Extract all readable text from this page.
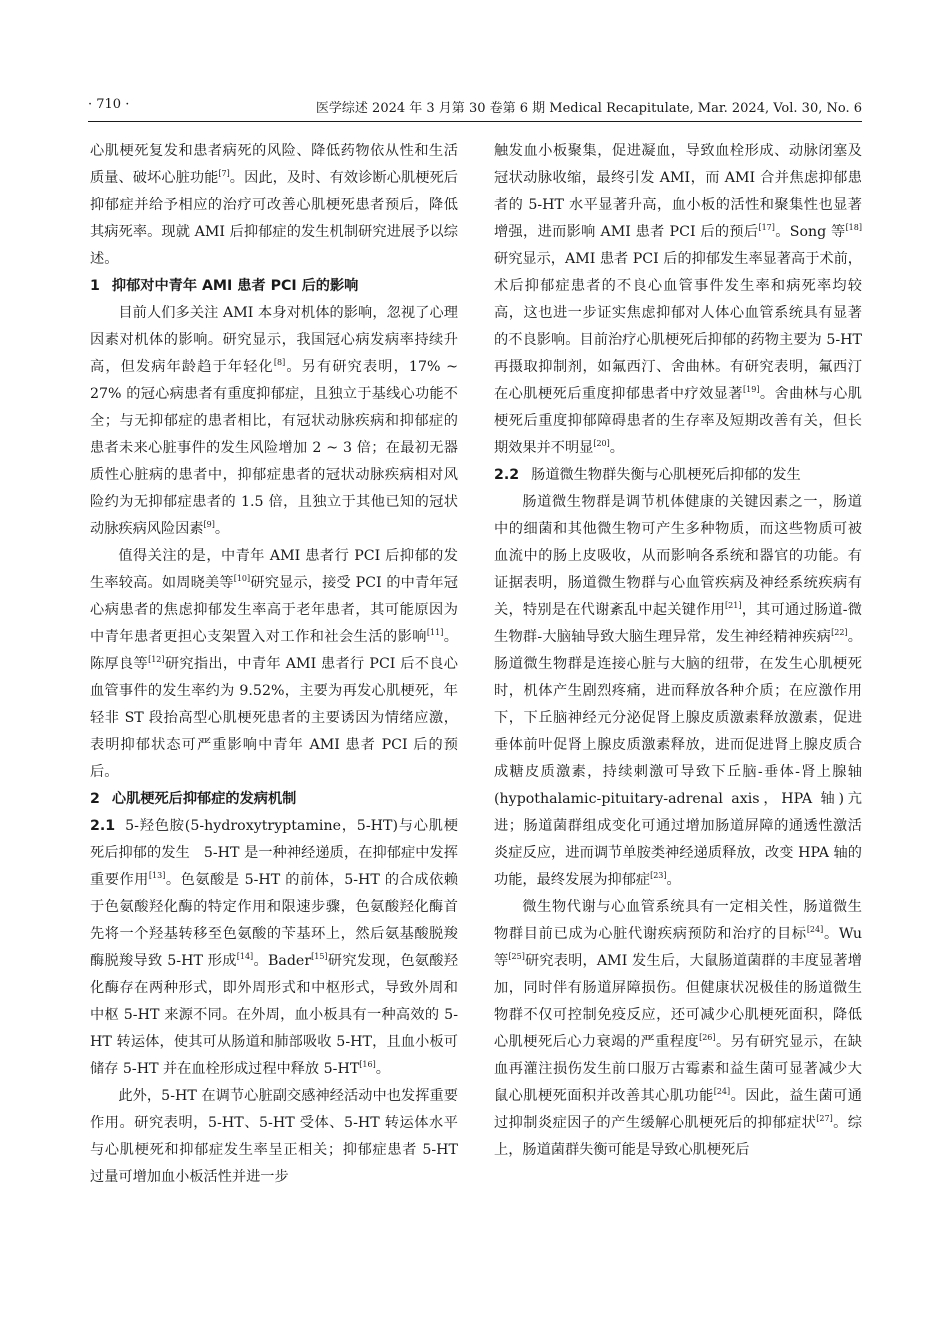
· 710 ·	医学综述 2024 年 3 月第 30 卷第 6 期 Medical Recapitulate, Mar. 2024, Vol. 30, No. 6

心肌梗死复发和患者病死的风险、降低药物依从性和生活质量、破坏心脏功能[7]。因此，及时、有效诊断心肌梗死后抑郁症并给予相应的治疗可改善心肌梗死患者预后，降低其病死率。现就 AMI 后抑郁症的发生机制研究进展予以综述。

1 抑郁对中青年 AMI 患者 PCI 后的影响

目前人们多关注 AMI 本身对机体的影响，忽视了心理因素对机体的影响。研究显示，我国冠心病发病率持续升高，但发病年龄趋于年轻化[8]。另有研究表明，17% ~ 27% 的冠心病患者有重度抑郁症，且独立于基线心功能不全；与无抑郁症的患者相比，有冠状动脉疾病和抑郁症的患者未来心脏事件的发生风险增加 2 ~ 3 倍；在最初无器质性心脏病的患者中，抑郁症患者的冠状动脉疾病相对风险约为无抑郁症患者的 1.5 倍，且独立于其他已知的冠状动脉疾病风险因素[9]。

值得关注的是，中青年 AMI 患者行 PCI 后抑郁的发生率较高。如周晓美等[10]研究显示，接受 PCI 的中青年冠心病患者的焦虑抑郁发生率高于老年患者，其可能原因为中青年患者更担心支架置入对工作和社会生活的影响[11]。陈厚良等[12]研究指出，中青年 AMI 患者行 PCI 后不良心血管事件的发生率约为 9.52%，主要为再发心肌梗死，年轻非 ST 段抬高型心肌梗死患者的主要诱因为情绪应激，表明抑郁状态可严重影响中青年 AMI 患者 PCI 后的预后。

2 心肌梗死后抑郁症的发病机制

2.1 5-羟色胺(5-hydroxytryptamine，5-HT)与心肌梗死后抑郁的发生 5-HT 是一种神经递质，在抑郁症中发挥重要作用[13]。色氨酸是 5-HT 的前体，5-HT 的合成依赖于色氨酸羟化酶的特定作用和限速步骤，色氨酸羟化酶首先将一个羟基转移至色氨酸的苄基环上，然后氨基酸脱羧酶脱羧导致 5-HT 形成[14]。Bader[15]研究发现，色氨酸羟化酶存在两种形式，即外周形式和中枢形式，导致外周和中枢 5-HT 来源不同。在外周，血小板具有一种高效的 5-HT 转运体，使其可从肠道和肺部吸收 5-HT，且血小板可储存 5-HT 并在血栓形成过程中释放 5-HT[16]。

此外，5-HT 在调节心脏副交感神经活动中也发挥重要作用。研究表明，5-HT、5-HT 受体、5-HT 转运体水平与心肌梗死和抑郁症发生率呈正相关；抑郁症患者 5-HT 过量可增加血小板活性并进一步

触发血小板聚集，促进凝血，导致血栓形成、动脉闭塞及冠状动脉收缩，最终引发 AMI，而 AMI 合并焦虑抑郁患者的 5-HT 水平显著升高，血小板的活性和聚集性也显著增强，进而影响 AMI 患者 PCI 后的预后[17]。Song 等[18]研究显示，AMI 患者 PCI 后的抑郁发生率显著高于术前，术后抑郁症患者的不良心血管事件发生率和病死率均较高，这也进一步证实焦虑抑郁对人体心血管系统具有显著的不良影响。目前治疗心肌梗死后抑郁的药物主要为 5-HT 再摄取抑制剂，如氟西汀、舍曲林。有研究表明，氟西汀在心肌梗死后重度抑郁患者中疗效显著[19]。舍曲林与心肌梗死后重度抑郁障碍患者的生存率及短期改善有关，但长期效果并不明显[20]。

2.2 肠道微生物群失衡与心肌梗死后抑郁的发生

肠道微生物群是调节机体健康的关键因素之一，肠道中的细菌和其他微生物可产生多种物质，而这些物质可被血流中的肠上皮吸收，从而影响各系统和器官的功能。有证据表明，肠道微生物群与心血管疾病及神经系统疾病有关，特别是在代谢紊乱中起关键作用[21]，其可通过肠道-微生物群-大脑轴导致大脑生理异常，发生神经精神疾病[22]。肠道微生物群是连接心脏与大脑的纽带，在发生心肌梗死时，机体产生剧烈疼痛，进而释放各种介质；在应激作用下，下丘脑神经元分泌促肾上腺皮质激素释放激素，促进垂体前叶促肾上腺皮质激素释放，进而促进肾上腺皮质合成糖皮质激素，持续刺激可导致下丘脑-垂体-肾上腺轴(hypothalamic-pituitary-adrenal axis，HPA 轴)亢进；肠道菌群组成变化可通过增加肠道屏障的通透性激活炎症反应，进而调节单胺类神经递质释放，改变 HPA 轴的功能，最终发展为抑郁症[23]。

微生物代谢与心血管系统具有一定相关性，肠道微生物群目前已成为心脏代谢疾病预防和治疗的目标[24]。Wu 等[25]研究表明，AMI 发生后，大鼠肠道菌群的丰度显著增加，同时伴有肠道屏障损伤。但健康状况极佳的肠道微生物群不仅可控制免疫反应，还可减少心肌梗死面积，降低心肌梗死后心力衰竭的严重程度[26]。另有研究显示，在缺血再灌注损伤发生前口服万古霉素和益生菌可显著减少大鼠心肌梗死面积并改善其心肌功能[24]。因此，益生菌可通过抑制炎症因子的产生缓解心肌梗死后的抑郁症状[27]。综上，肠道菌群失衡可能是导致心肌梗死后
